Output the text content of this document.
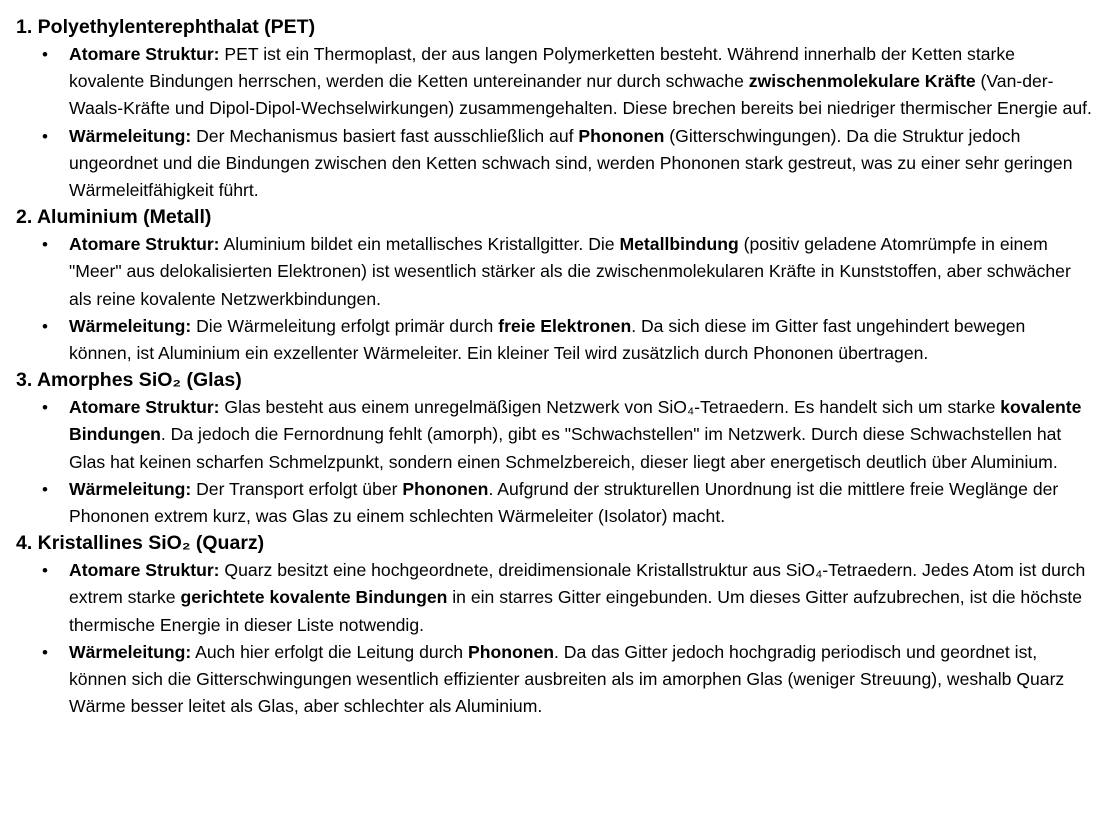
1. Polyethylenterephthalat (PET)
• Atomare Struktur: PET ist ein Thermoplast, der aus langen Polymerketten besteht. Während innerhalb der Ketten starke kovalente Bindungen herrschen, werden die Ketten untereinander nur durch schwache zwischenmolekulare Kräfte (Van-der-Waals-Kräfte und Dipol-Dipol-Wechselwirkungen) zusammengehalten. Diese brechen bereits bei niedriger thermischer Energie auf.
• Wärmeleitung: Der Mechanismus basiert fast ausschließlich auf Phononen (Gitterschwingungen). Da die Struktur jedoch ungeordnet und die Bindungen zwischen den Ketten schwach sind, werden Phononen stark gestreut, was zu einer sehr geringen Wärmeleitfähigkeit führt.
2. Aluminium (Metall)
• Atomare Struktur: Aluminium bildet ein metallisches Kristallgitter. Die Metallbindung (positiv geladene Atomrümpfe in einem "Meer" aus delokalisierten Elektronen) ist wesentlich stärker als die zwischenmolekularen Kräfte in Kunststoffen, aber schwächer als reine kovalente Netzwerkbindungen.
• Wärmeleitung: Die Wärmeleitung erfolgt primär durch freie Elektronen. Da sich diese im Gitter fast ungehindert bewegen können, ist Aluminium ein exzellenter Wärmeleiter. Ein kleiner Teil wird zusätzlich durch Phononen übertragen.
3. Amorphes SiO₂ (Glas)
• Atomare Struktur: Glas besteht aus einem unregelmäßigen Netzwerk von SiO₄-Tetraedern. Es handelt sich um starke kovalente Bindungen. Da jedoch die Fernordnung fehlt (amorph), gibt es "Schwachstellen" im Netzwerk. Durch diese Schwachstellen hat Glas hat keinen scharfen Schmelzpunkt, sondern einen Schmelzbereich, dieser liegt aber energetisch deutlich über Aluminium.
• Wärmeleitung: Der Transport erfolgt über Phononen. Aufgrund der strukturellen Unordnung ist die mittlere freie Weglänge der Phononen extrem kurz, was Glas zu einem schlechten Wärmeleiter (Isolator) macht.
4. Kristallines SiO₂ (Quarz)
• Atomare Struktur: Quarz besitzt eine hochgeordnete, dreidimensionale Kristallstruktur aus SiO₄-Tetraedern. Jedes Atom ist durch extrem starke gerichtete kovalente Bindungen in ein starres Gitter eingebunden. Um dieses Gitter aufzubrechen, ist die höchste thermische Energie in dieser Liste notwendig.
• Wärmeleitung: Auch hier erfolgt die Leitung durch Phononen. Da das Gitter jedoch hochgradig periodisch und geordnet ist, können sich die Gitterschwingungen wesentlich effizienter ausbreiten als im amorphen Glas (weniger Streuung), weshalb Quarz Wärme besser leitet als Glas, aber schlechter als Aluminium.
